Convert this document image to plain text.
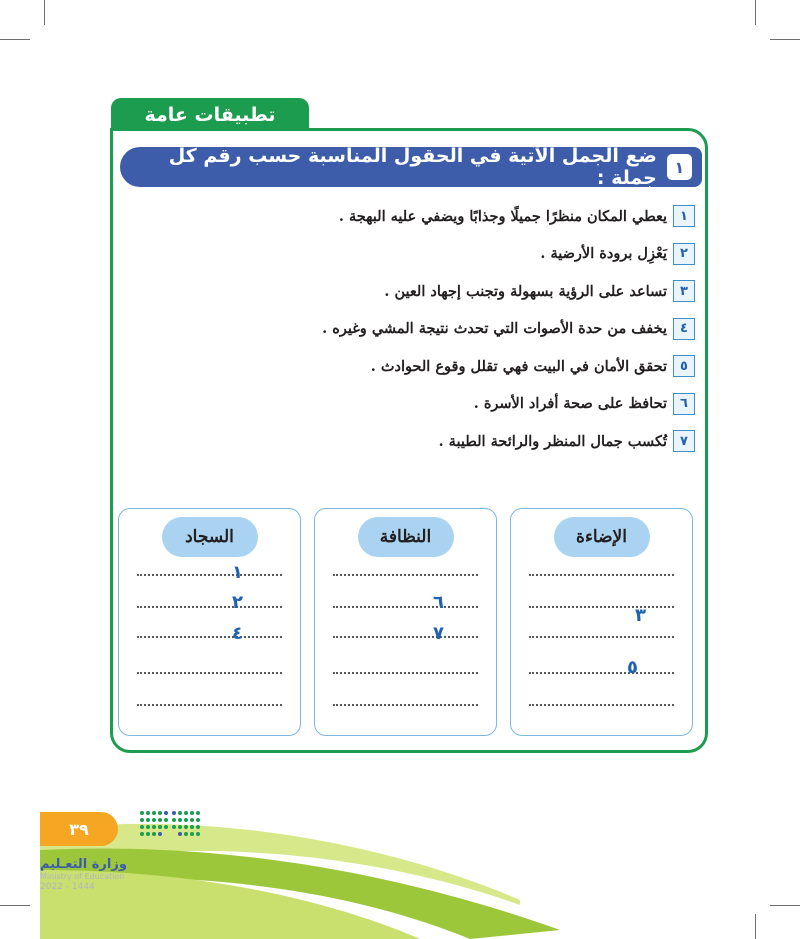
تطبيقات عامة
١
ضع الجمل الآتية في الحقول المناسبة حسب رقم كل جملة :
١
يعطي المكان منظرًا جميلًا وجذابًا ويضفي عليه البهجة .
٢
يَعْزِل برودة الأرضية .
٣
تساعد على الرؤية بسهولة وتجنب إجهاد العين .
٤
يخفف من حدة الأصوات التي تحدث نتيجة المشي وغيره .
٥
تحقق الأمان في البيت فهي تقلل وقوع الحوادث .
٦
تحافظ على صحة أفراد الأسرة .
٧
تُكسب جمال المنظر والرائحة الطيبة .
السجاد
١
٢
٤
النظافة
٦
٧
الإضاءة
٣
٥
٣٩
وزارة التعـليم
Ministry of Education
2022 - 1444
